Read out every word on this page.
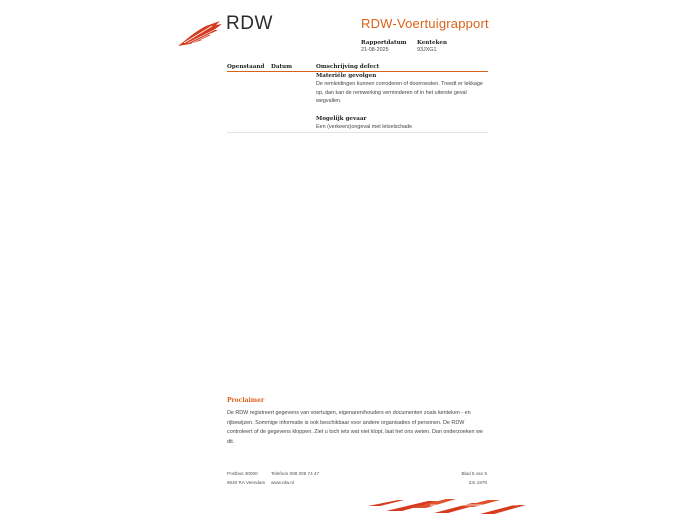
RDW	RDW-Voertuigrapport
Rapportdatum
21-08-2025
Kenteken
93JXG1
Openstaand Datum	Omschrijving defect
Materiële gevolgen
De remleidingen kunnen corroderen of doorroesten. Treedt er lekkage op, dan kan de remwerking verminderen of in het uiterste geval wegvallen.
Mogelijk gevaar
Een (verkeers)ongeval met letselschade
Proclaimer
De RDW registreert gegevens van voertuigen, eigenaren/houders en documenten zoals kenteken - en rijbewijzen. Sommige informatie is ook beschikbaar voor andere organisaties of personen. De RDW controleert of de gegevens kloppen. Ziet u toch iets wat niet klopt, laat het ons weten. Dan onderzoeken we dit.
Postbus 30000
9640 RA Veendam
Telefoon 088 008 74 47
www.rdw.nl
Blad 5 van 5
3.E.1878
